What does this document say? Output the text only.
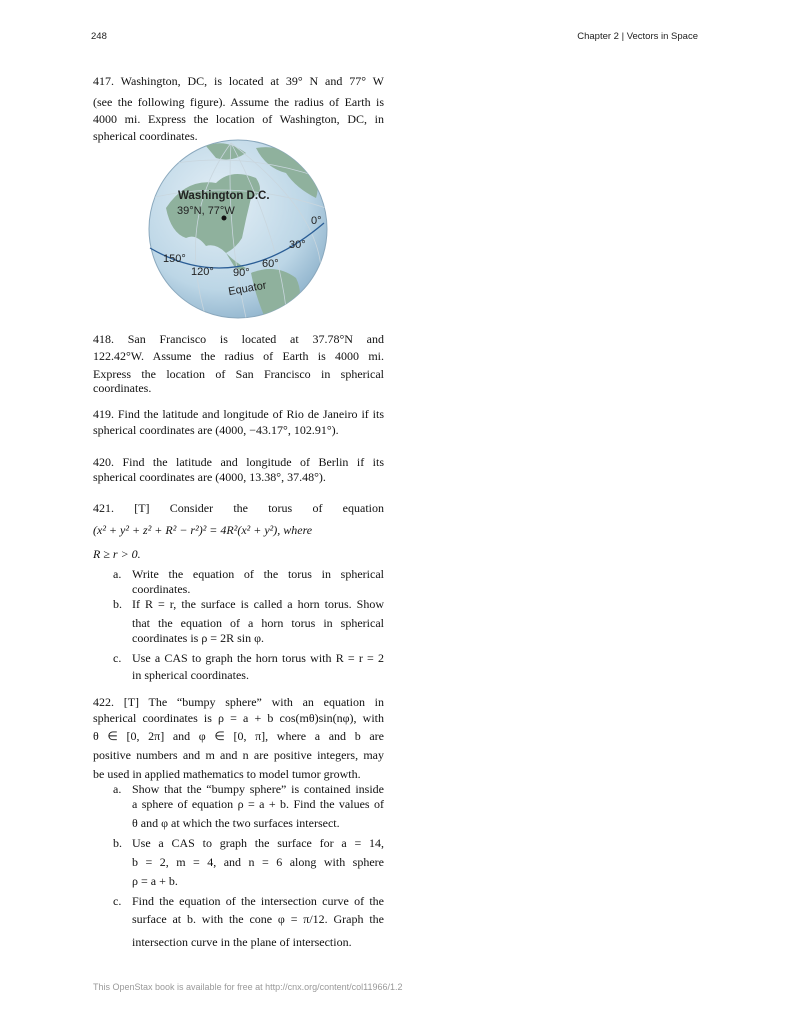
248	Chapter 2 | Vectors in Space
417. Washington, DC, is located at 39° N and 77° W
(see the following figure). Assume the radius of Earth is
4000 mi. Express the location of Washington, DC, in
spherical coordinates.
Washington D.C.
39°N, 77°W
150°
120° 90°
60°
30°
0°
Equator
418. San Francisco is located at 37.78°N and
122.42°W. Assume the radius of Earth is 4000 mi.
Express the location of San Francisco in spherical
coordinates.
419. Find the latitude and longitude of Rio de Janeiro if its
spherical coordinates are (4000, −43.17°, 102.91°).
420. Find the latitude and longitude of Berlin if its
spherical coordinates are (4000, 13.38°, 37.48°).
421. [T] Consider the torus of equation
(x² + y² + z² + R² − r²)² = 4R²(x² + y²), where
R ≥ r > 0.
a. Write the equation of the torus in spherical
coordinates.
b. If R = r, the surface is called a horn torus. Show
that the equation of a horn torus in spherical
coordinates is ρ = 2R sin φ.
c. Use a CAS to graph the horn torus with R = r = 2
in spherical coordinates.
422. [T] The “bumpy sphere” with an equation in
spherical coordinates is ρ = a + b cos(mθ)sin(nφ), with
θ ∈ [0, 2π] and φ ∈ [0, π], where a and b are
positive numbers and m and n are positive integers, may
be used in applied mathematics to model tumor growth.
a. Show that the “bumpy sphere” is contained inside
a sphere of equation ρ = a + b. Find the values of
θ and φ at which the two surfaces intersect.
b. Use a CAS to graph the surface for a = 14,
b = 2, m = 4, and n = 6 along with sphere
ρ = a + b.
c. Find the equation of the intersection curve of the
surface at b. with the cone φ = π/12. Graph the
intersection curve in the plane of intersection.
This OpenStax book is available for free at http://cnx.org/content/col11966/1.2
